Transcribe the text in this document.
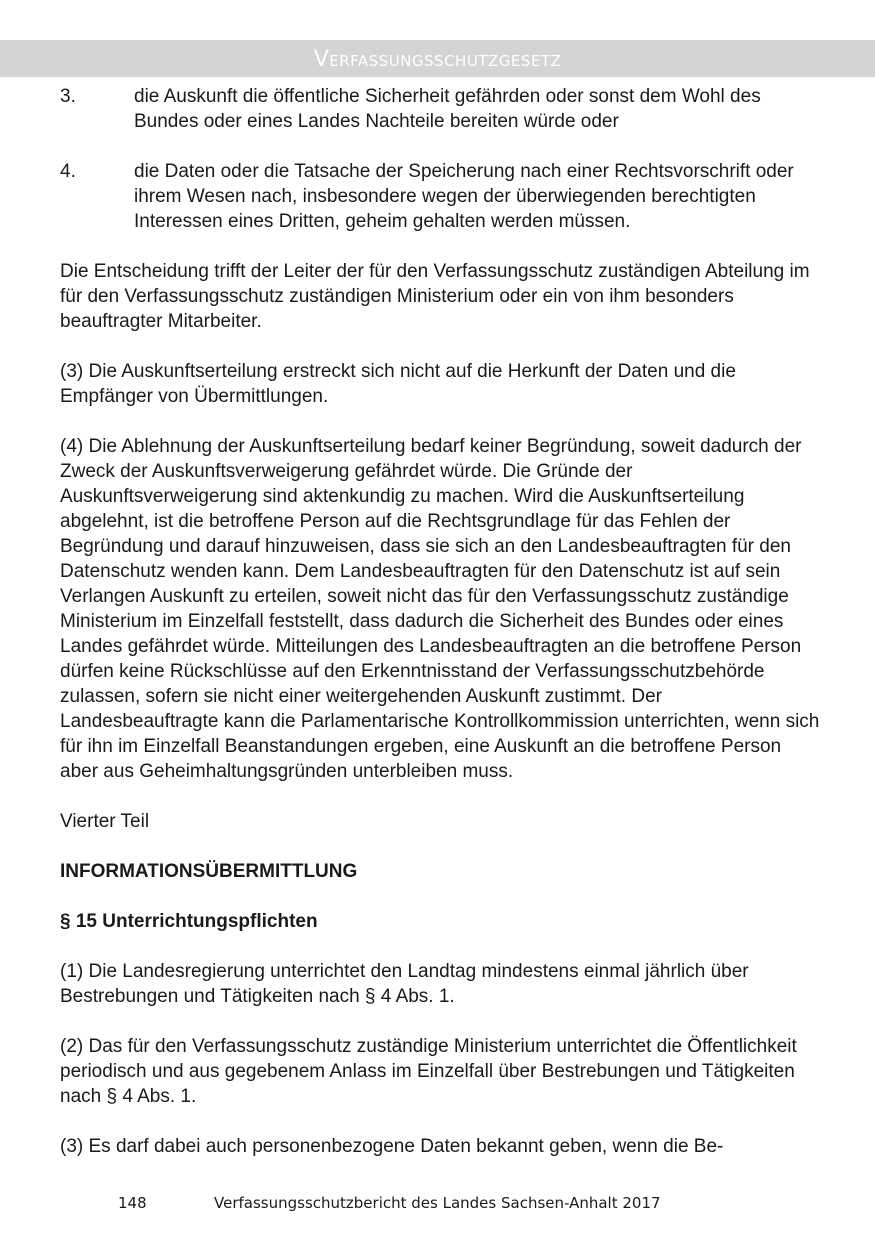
Verfassungsschutzgesetz
3.	die Auskunft die öffentliche Sicherheit gefährden oder sonst dem Wohl des Bundes oder eines Landes Nachteile bereiten würde oder
4.	die Daten oder die Tatsache der Speicherung nach einer Rechtsvorschrift oder ihrem Wesen nach, insbesondere wegen der überwiegenden berechtigten Interessen eines Dritten, geheim gehalten werden müssen.

Die Entscheidung trifft der Leiter der für den Verfassungsschutz zuständigen Abteilung im für den Verfassungsschutz zuständigen Ministerium oder ein von ihm besonders beauftragter Mitarbeiter.

(3) Die Auskunftserteilung erstreckt sich nicht auf die Herkunft der Daten und die Empfänger von Übermittlungen.

(4) Die Ablehnung der Auskunftserteilung bedarf keiner Begründung, soweit dadurch der Zweck der Auskunftsverweigerung gefährdet würde. Die Gründe der Auskunftsverweigerung sind aktenkundig zu machen. Wird die Auskunftserteilung abgelehnt, ist die betroffene Person auf die Rechtsgrundlage für das Fehlen der Begründung und darauf hinzuweisen, dass sie sich an den Landesbeauftragten für den Datenschutz wenden kann. Dem Landesbeauftragten für den Datenschutz ist auf sein Verlangen Auskunft zu erteilen, soweit nicht das für den Verfassungsschutz zuständige Ministerium im Einzelfall feststellt, dass dadurch die Sicherheit des Bundes oder eines Landes gefährdet würde. Mitteilungen des Landesbeauftragten an die betroffene Person dürfen keine Rückschlüsse auf den Erkenntnisstand der Verfassungsschutzbehörde zulassen, sofern sie nicht einer weitergehenden Auskunft zustimmt. Der Landesbeauftragte kann die Parlamentarische Kontrollkommission unterrichten, wenn sich für ihn im Einzelfall Beanstandungen ergeben, eine Auskunft an die betroffene Person aber aus Geheimhaltungsgründen unterbleiben muss.

Vierter Teil

INFORMATIONSÜBERMITTLUNG

§ 15 Unterrichtungspflichten

(1) Die Landesregierung unterrichtet den Landtag mindestens einmal jährlich über Bestrebungen und Tätigkeiten nach § 4 Abs. 1.

(2) Das für den Verfassungsschutz zuständige Ministerium unterrichtet die Öffentlichkeit periodisch und aus gegebenem Anlass im Einzelfall über Bestrebungen und Tätigkeiten nach § 4 Abs. 1.

(3) Es darf dabei auch personenbezogene Daten bekannt geben, wenn die Be-

148	Verfassungsschutzbericht des Landes Sachsen-Anhalt 2017
